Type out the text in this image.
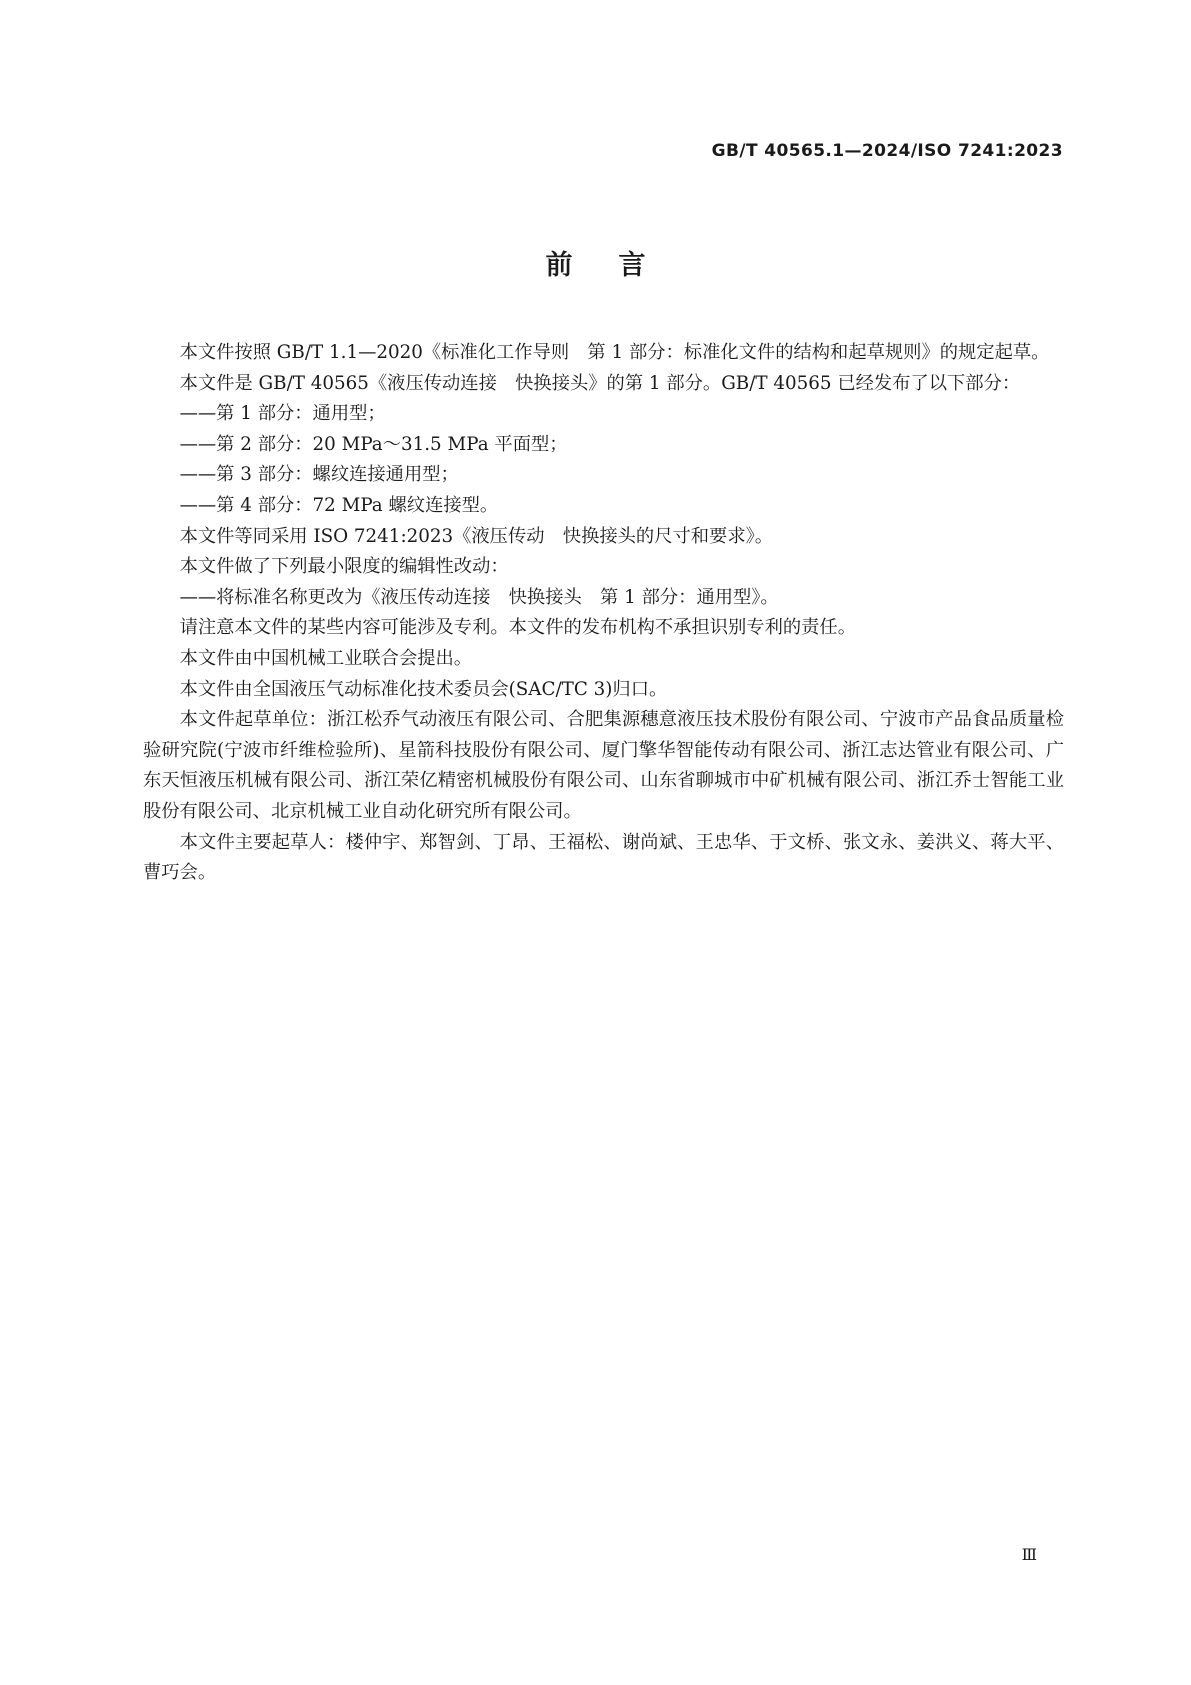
GB/T 40565.1—2024/ISO 7241:2023
前言

本文件按照 GB/T 1.1—2020《标准化工作导则　第 1 部分：标准化文件的结构和起草规则》的规定起草。

本文件是 GB/T 40565《液压传动连接　快换接头》的第 1 部分。GB/T 40565 已经发布了以下部分：

——第 1 部分：通用型；

——第 2 部分：20 MPa～31.5 MPa 平面型；

——第 3 部分：螺纹连接通用型；

——第 4 部分：72 MPa 螺纹连接型。

本文件等同采用 ISO 7241:2023《液压传动　快换接头的尺寸和要求》。

本文件做了下列最小限度的编辑性改动：

——将标准名称更改为《液压传动连接　快换接头　第 1 部分：通用型》。

请注意本文件的某些内容可能涉及专利。本文件的发布机构不承担识别专利的责任。

本文件由中国机械工业联合会提出。

本文件由全国液压气动标准化技术委员会(SAC/TC 3)归口。

本文件起草单位：浙江松乔气动液压有限公司、合肥集源穗意液压技术股份有限公司、宁波市产品食品质量检验研究院(宁波市纤维检验所)、星箭科技股份有限公司、厦门擎华智能传动有限公司、浙江志达管业有限公司、广东天恒液压机械有限公司、浙江荣亿精密机械股份有限公司、山东省聊城市中矿机械有限公司、浙江乔士智能工业股份有限公司、北京机械工业自动化研究所有限公司。

本文件主要起草人：楼仲宇、郑智剑、丁昂、王福松、谢尚斌、王忠华、于文桥、张文永、姜洪义、蒋大平、曹巧会。

Ⅲ
